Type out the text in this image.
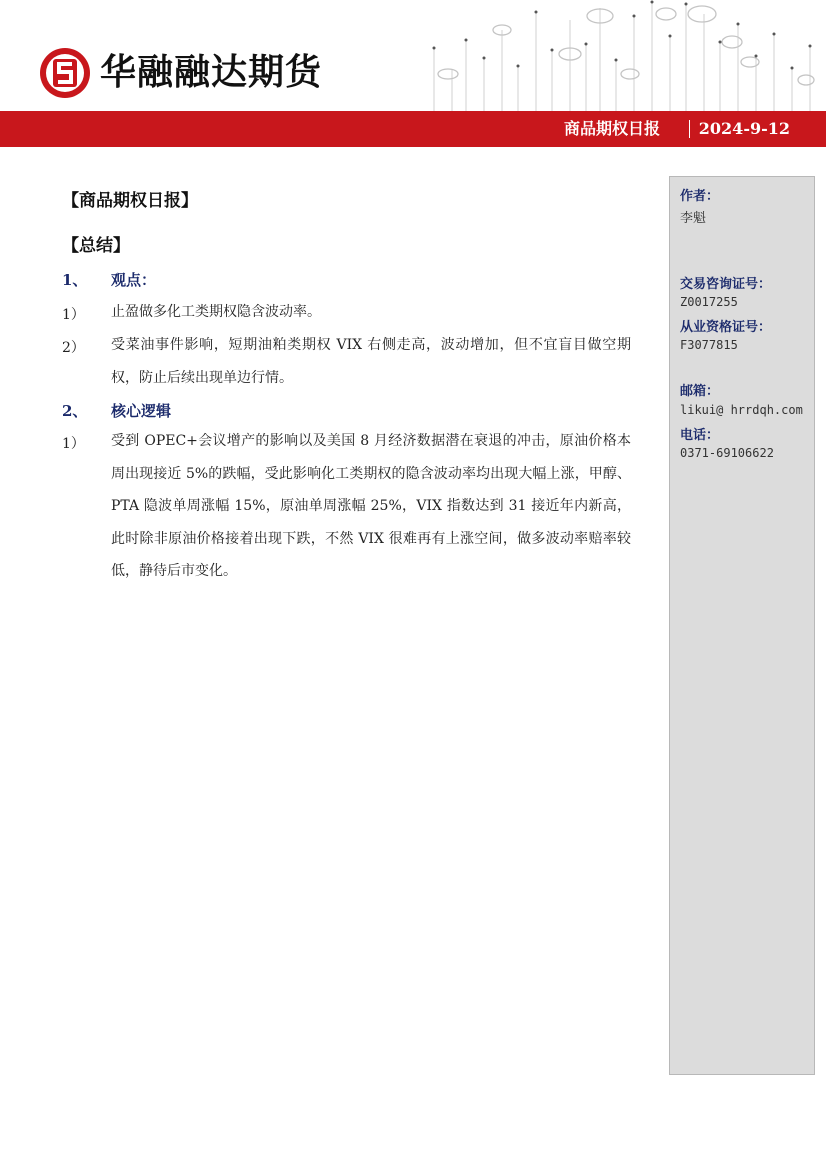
华融融达期货
商品期权日报 2024-9-12
【商品期权日报】
【总结】
1、 观点：
1） 止盈做多化工类期权隐含波动率。
2） 受菜油事件影响，短期油粕类期权 VIX 右侧走高，波动增加，但不宜盲目做空期权，防止后续出现单边行情。
2、 核心逻辑
1） 受到 OPEC+会议增产的影响以及美国 8 月经济数据潜在衰退的冲击，原油价格本周出现接近 5%的跌幅，受此影响化工类期权的隐含波动率均出现大幅上涨，甲醇、PTA 隐波单周涨幅 15%，原油单周涨幅 25%，VIX 指数达到 31 接近年内新高，此时除非原油价格接着出现下跌，不然 VIX 很难再有上涨空间，做多波动率赔率较低，静待后市变化。
作者：
李魁
交易咨询证号：
Z0017255
从业资格证号：
F3077815
邮箱：
likui@ hrrdqh.com
电话：
0371-69106622
